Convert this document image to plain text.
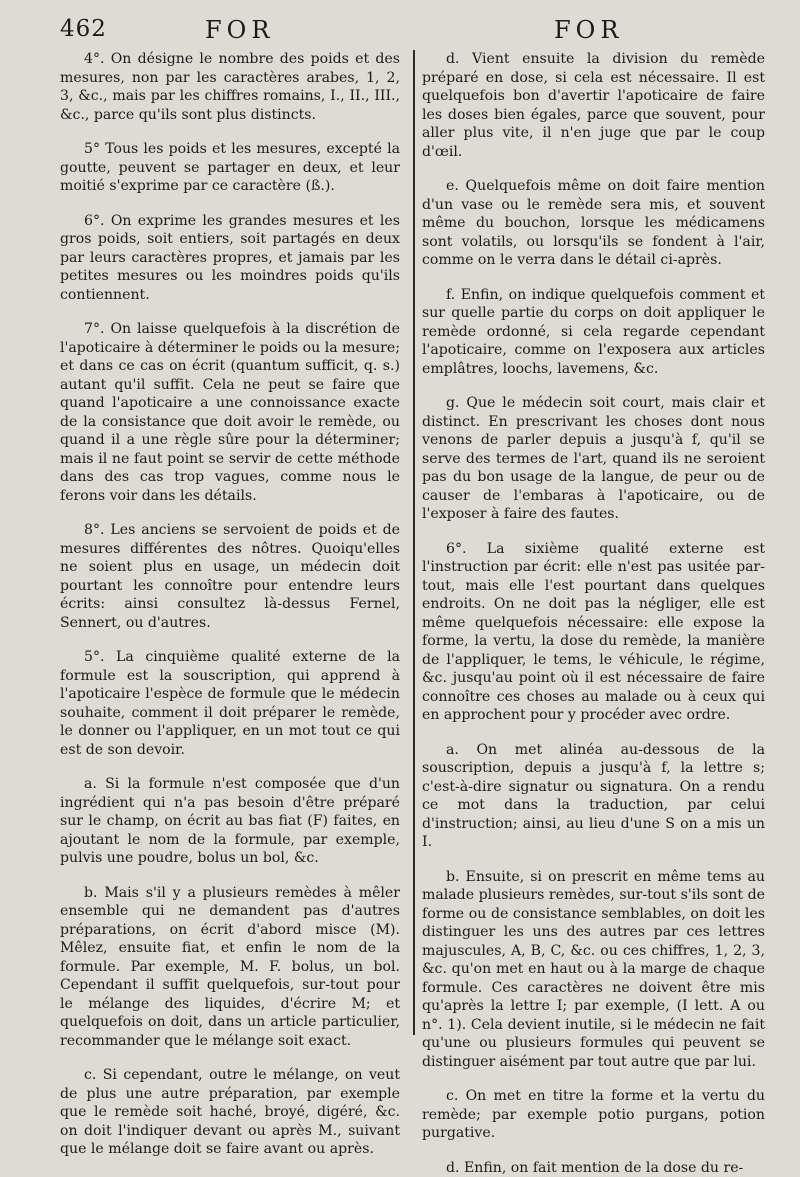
462	FOR	FOR

4°. On désigne le nombre des poids et des mesures, non par les caractères arabes, 1, 2, 3, &c., mais par les chiffres romains, I., II., III., &c., parce qu'ils sont plus distincts.

5° Tous les poids et les mesures, excepté la goutte, peuvent se partager en deux, et leur moitié s'exprime par ce caractère (ß.).

6°. On exprime les grandes mesures et les gros poids, soit entiers, soit partagés en deux par leurs caractères propres, et jamais par les petites mesures ou les moindres poids qu'ils contiennent.

7°. On laisse quelquefois à la discrétion de l'apoticaire à déterminer le poids ou la mesure; et dans ce cas on écrit (quantum sufficit, q. s.) autant qu'il suffit. Cela ne peut se faire que quand l'apoticaire a une connoissance exacte de la consistance que doit avoir le remède, ou quand il a une règle sûre pour la déterminer; mais il ne faut point se servir de cette méthode dans des cas trop vagues, comme nous le ferons voir dans les détails.

8°. Les anciens se servoient de poids et de mesures différentes des nôtres. Quoiqu'elles ne soient plus en usage, un médecin doit pourtant les connoître pour entendre leurs écrits: ainsi consultez là-dessus Fernel, Sennert, ou d'autres.

5°. La cinquième qualité externe de la formule est la souscription, qui apprend à l'apoticaire l'espèce de formule que le médecin souhaite, comment il doit préparer le remède, le donner ou l'appliquer, en un mot tout ce qui est de son devoir.

a. Si la formule n'est composée que d'un ingrédient qui n'a pas besoin d'être préparé sur le champ, on écrit au bas fiat (F) faites, en ajoutant le nom de la formule, par exemple, pulvis une poudre, bolus un bol, &c.

b. Mais s'il y a plusieurs remèdes à mêler ensemble qui ne demandent pas d'autres préparations, on écrit d'abord misce (M). Mêlez, ensuite fiat, et enfin le nom de la formule. Par exemple, M. F. bolus, un bol. Cependant il suffit quelquefois, sur-tout pour le mélange des liquides, d'écrire M; et quelquefois on doit, dans un article particulier, recommander que le mélange soit exact.

c. Si cependant, outre le mélange, on veut de plus une autre préparation, par exemple que le remède soit haché, broyé, digéré, &c. on doit l'indiquer devant ou après M., suivant que le mélange doit se faire avant ou après.

d. Vient ensuite la division du remède préparé en dose, si cela est nécessaire. Il est quelquefois bon d'avertir l'apoticaire de faire les doses bien égales, parce que souvent, pour aller plus vite, il n'en juge que par le coup d'œil.

e. Quelquefois même on doit faire mention d'un vase ou le remède sera mis, et souvent même du bouchon, lorsque les médicamens sont volatils, ou lorsqu'ils se fondent à l'air, comme on le verra dans le détail ci-après.

f. Enfin, on indique quelquefois comment et sur quelle partie du corps on doit appliquer le remède ordonné, si cela regarde cependant l'apoticaire, comme on l'exposera aux articles emplâtres, loochs, lavemens, &c.

g. Que le médecin soit court, mais clair et distinct. En prescrivant les choses dont nous venons de parler depuis a jusqu'à f, qu'il se serve des termes de l'art, quand ils ne seroient pas du bon usage de la langue, de peur ou de causer de l'embaras à l'apoticaire, ou de l'exposer à faire des fautes.

6°. La sixième qualité externe est l'instruction par écrit: elle n'est pas usitée par-tout, mais elle l'est pourtant dans quelques endroits. On ne doit pas la négliger, elle est même quelquefois nécessaire: elle expose la forme, la vertu, la dose du remède, la manière de l'appliquer, le tems, le véhicule, le régime, &c. jusqu'au point où il est nécessaire de faire connoître ces choses au malade ou à ceux qui en approchent pour y procéder avec ordre.

a. On met alinéa au-dessous de la souscription, depuis a jusqu'à f, la lettre s; c'est-à-dire signatur ou signatura. On a rendu ce mot dans la traduction, par celui d'instruction; ainsi, au lieu d'une S on a mis un I.

b. Ensuite, si on prescrit en même tems au malade plusieurs remèdes, sur-tout s'ils sont de forme ou de consistance semblables, on doit les distinguer les uns des autres par ces lettres majuscules, A, B, C, &c. ou ces chiffres, 1, 2, 3, &c. qu'on met en haut ou à la marge de chaque formule. Ces caractères ne doivent être mis qu'après la lettre I; par exemple, (I lett. A ou n°. 1). Cela devient inutile, si le médecin ne fait qu'une ou plusieurs formules qui peuvent se distinguer aisément par tout autre que par lui.

c. On met en titre la forme et la vertu du remède; par exemple potio purgans, potion purgative.

d. Enfin, on fait mention de la dose du re-
